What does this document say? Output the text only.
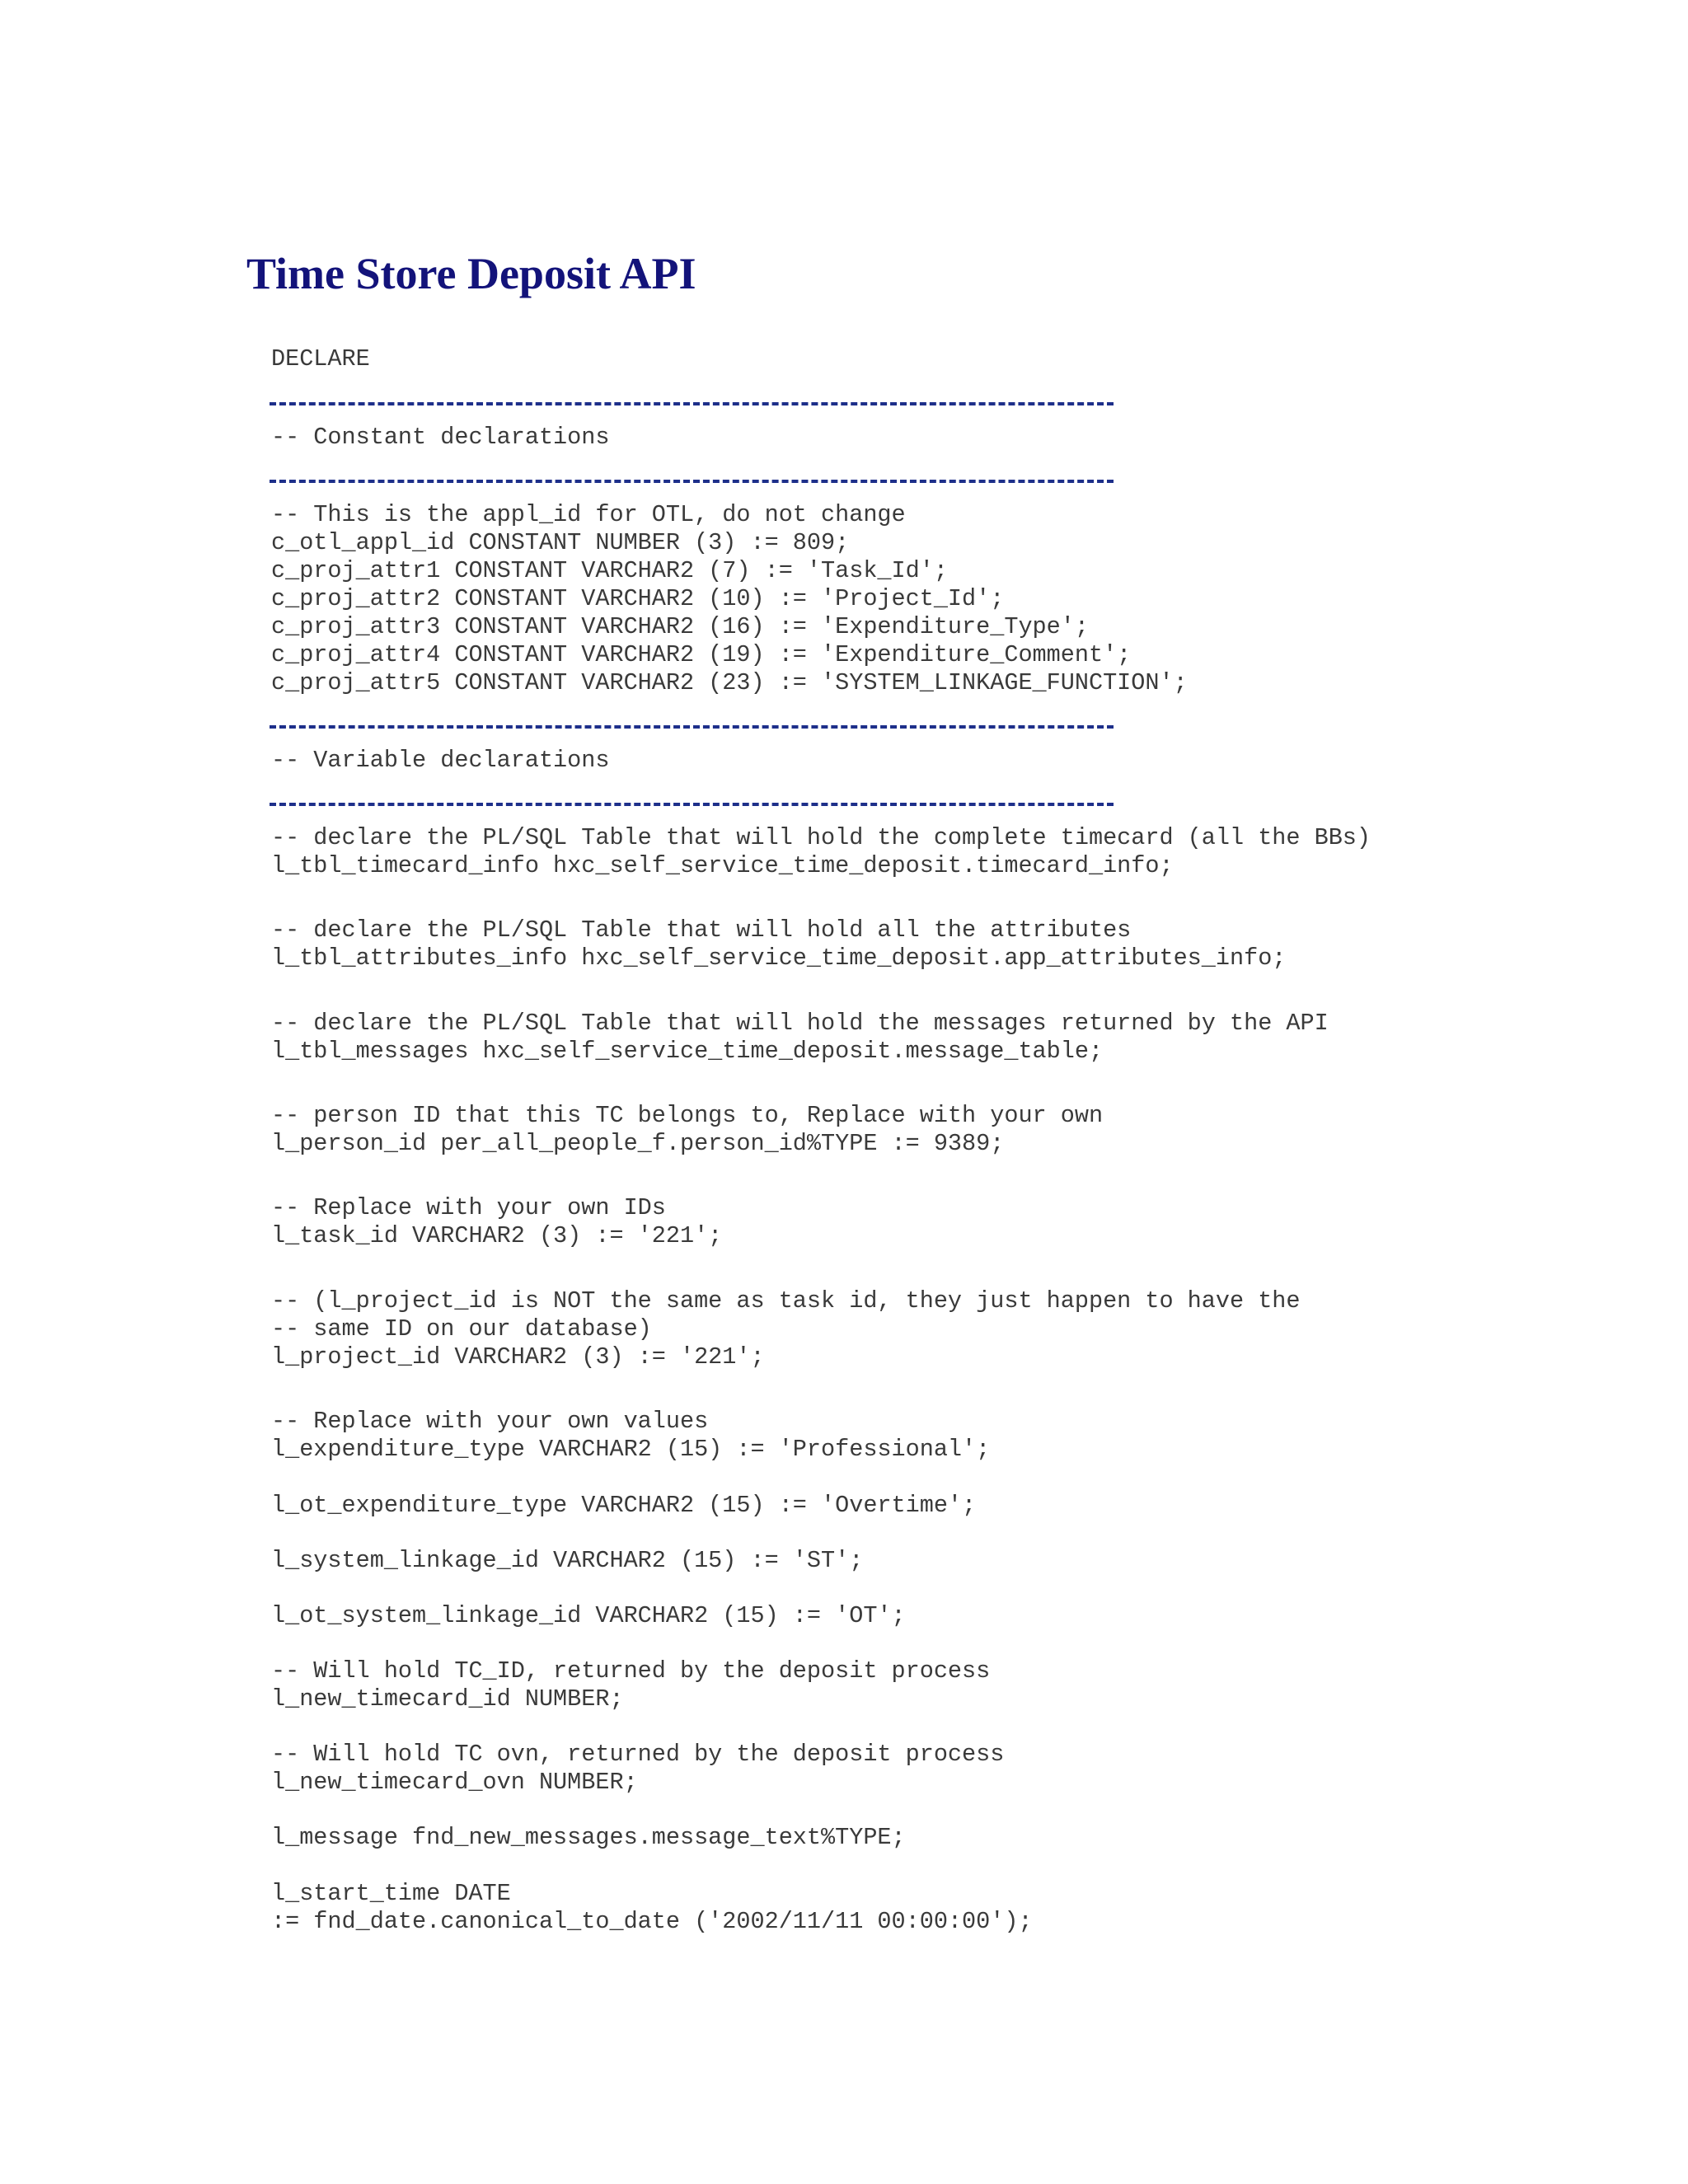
Time Store Deposit API

DECLARE

-- Constant declarations

-- This is the appl_id for OTL, do not change

c_otl_appl_id CONSTANT NUMBER (3) := 809;

c_proj_attr1 CONSTANT VARCHAR2 (7) := 'Task_Id';

c_proj_attr2 CONSTANT VARCHAR2 (10) := 'Project_Id';

c_proj_attr3 CONSTANT VARCHAR2 (16) := 'Expenditure_Type';

c_proj_attr4 CONSTANT VARCHAR2 (19) := 'Expenditure_Comment';

c_proj_attr5 CONSTANT VARCHAR2 (23) := 'SYSTEM_LINKAGE_FUNCTION';

-- Variable declarations

-- declare the PL/SQL Table that will hold the complete timecard (all the BBs)

l_tbl_timecard_info hxc_self_service_time_deposit.timecard_info;

-- declare the PL/SQL Table that will hold all the attributes

l_tbl_attributes_info hxc_self_service_time_deposit.app_attributes_info;

-- declare the PL/SQL Table that will hold the messages returned by the API

l_tbl_messages hxc_self_service_time_deposit.message_table;

-- person ID that this TC belongs to, Replace with your own

l_person_id per_all_people_f.person_id%TYPE := 9389;

-- Replace with your own IDs

l_task_id VARCHAR2 (3) := '221';

-- (l_project_id is NOT the same as task id, they just happen to have the

-- same ID on our database)

l_project_id VARCHAR2 (3) := '221';

-- Replace with your own values

l_expenditure_type VARCHAR2 (15) := 'Professional';

l_ot_expenditure_type VARCHAR2 (15) := 'Overtime';

l_system_linkage_id VARCHAR2 (15) := 'ST';

l_ot_system_linkage_id VARCHAR2 (15) := 'OT';

-- Will hold TC_ID, returned by the deposit process

l_new_timecard_id NUMBER;

-- Will hold TC ovn, returned by the deposit process

l_new_timecard_ovn NUMBER;

l_message fnd_new_messages.message_text%TYPE;

l_start_time DATE

:= fnd_date.canonical_to_date ('2002/11/11 00:00:00');
